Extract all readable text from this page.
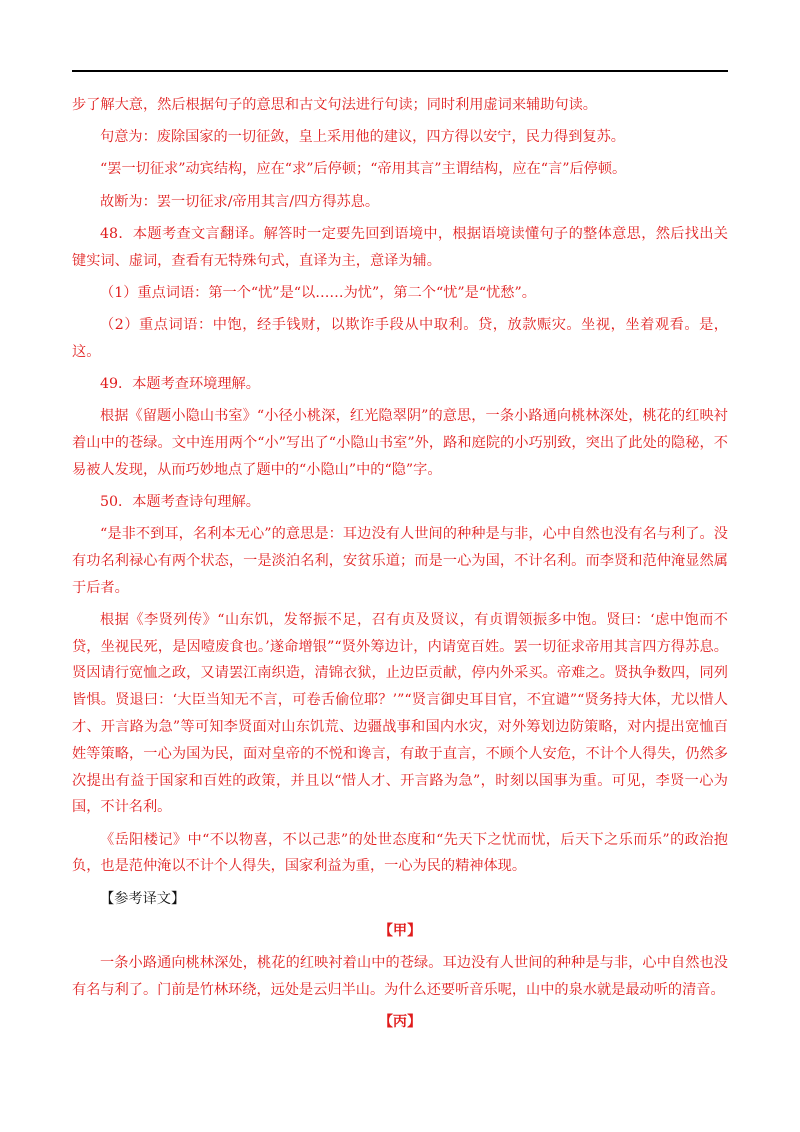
步了解大意，然后根据句子的意思和古文句法进行句读；同时利用虚词来辅助句读。

句意为：废除国家的一切征敛，皇上采用他的建议，四方得以安宁，民力得到复苏。

“罢一切征求”动宾结构，应在“求”后停顿；“帝用其言”主谓结构，应在“言”后停顿。

故断为：罢一切征求/帝用其言/四方得苏息。

48．本题考查文言翻译。解答时一定要先回到语境中，根据语境读懂句子的整体意思，然后找出关键实词、虚词，查看有无特殊句式，直译为主，意译为辅。

（1）重点词语：第一个“忧”是“以……为忧”，第二个“忧”是“忧愁”。

（2）重点词语：中饱，经手钱财，以欺诈手段从中取利。贷，放款赈灾。坐视，坐着观看。是，这。

49．本题考查环境理解。

根据《留题小隐山书室》“小径小桃深，红光隐翠阴”的意思，一条小路通向桃林深处，桃花的红映衬着山中的苍绿。文中连用两个“小”写出了“小隐山书室”外，路和庭院的小巧别致，突出了此处的隐秘，不易被人发现，从而巧妙地点了题中的“小隐山”中的“隐”字。

50．本题考查诗句理解。

“是非不到耳，名利本无心”的意思是：耳边没有人世间的种种是与非，心中自然也没有名与利了。没有功名利禄心有两个状态，一是淡泊名利，安贫乐道；而是一心为国，不计名利。而李贤和范仲淹显然属于后者。

根据《李贤列传》“山东饥，发帑振不足，召有贞及贤议，有贞谓领振多中饱。贤曰：‘虑中饱而不贷，坐视民死，是因噎废食也。’遂命增银”“贤外筹边计，内请宽百姓。罢一切征求帝用其言四方得苏息。贤因请行宽恤之政，又请罢江南织造，清锦衣狱，止边臣贡献，停内外采买。帝难之。贤执争数四，同列皆惧。贤退曰：‘大臣当知无不言，可卷舌偷位耶？’”“贤言御史耳目官，不宜谴”“贤务持大体，尤以惜人才、开言路为急”等可知李贤面对山东饥荒、边疆战事和国内水灾，对外筹划边防策略，对内提出宽恤百姓等策略，一心为国为民，面对皇帝的不悦和谗言，有敢于直言，不顾个人安危，不计个人得失，仍然多次提出有益于国家和百姓的政策，并且以“惜人才、开言路为急”，时刻以国事为重。可见，李贤一心为国，不计名利。

《岳阳楼记》中“不以物喜，不以己悲”的处世态度和“先天下之忧而忧，后天下之乐而乐”的政治抱负，也是范仲淹以不计个人得失，国家利益为重，一心为民的精神体现。

【参考译文】

【甲】

一条小路通向桃林深处，桃花的红映衬着山中的苍绿。耳边没有人世间的种种是与非，心中自然也没有名与利了。门前是竹林环绕，远处是云归半山。为什么还要听音乐呢，山中的泉水就是最动听的清音。

【丙】
